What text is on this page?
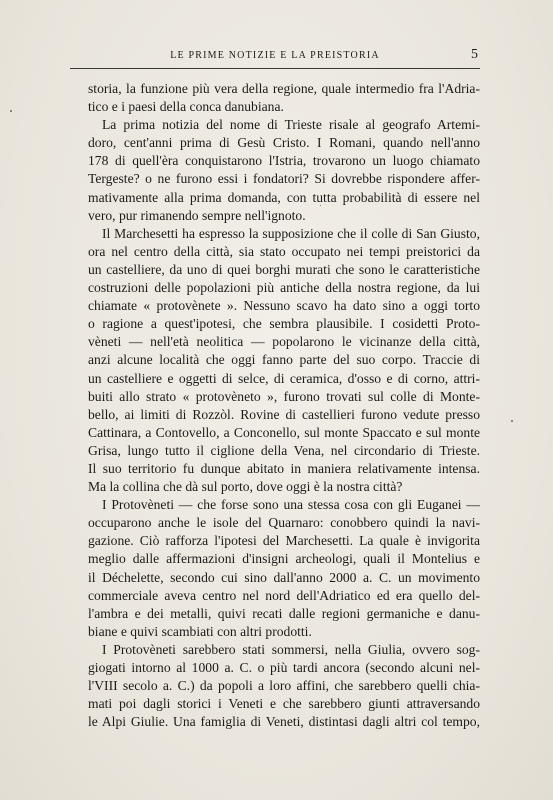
LE PRIME NOTIZIE E LA PREISTORIA	5
storia, la funzione più vera della regione, quale intermedio fra l'Adria-
tico e i paesi della conca danubiana.
La prima notizia del nome di Trieste risale al geografo Artemi-
doro, cent'anni prima di Gesù Cristo. I Romani, quando nell'anno
178 di quell'èra conquistarono l'Istria, trovarono un luogo chiamato
Tergeste? o ne furono essi i fondatori? Si dovrebbe rispondere affer-
mativamente alla prima domanda, con tutta probabilità di essere nel
vero, pur rimanendo sempre nell'ignoto.
Il Marchesetti ha espresso la supposizione che il colle di San Giusto,
ora nel centro della città, sia stato occupato nei tempi preistorici da
un castelliere, da uno di quei borghi murati che sono le caratteristiche
costruzioni delle popolazioni più antiche della nostra regione, da lui
chiamate « protovènete ». Nessuno scavo ha dato sino a oggi torto
o ragione a quest'ipotesi, che sembra plausibile. I cosidetti Proto-
vèneti — nell'età neolitica — popolarono le vicinanze della città,
anzi alcune località che oggi fanno parte del suo corpo. Traccie di
un castelliere e oggetti di selce, di ceramica, d'osso e di corno, attri-
buiti allo strato « protovèneto », furono trovati sul colle di Monte-
bello, ai limiti di Rozzòl. Rovine di castellieri furono vedute presso
Cattinara, a Contovello, a Conconello, sul monte Spaccato e sul monte
Grisa, lungo tutto il ciglione della Vena, nel circondario di Trieste.
Il suo territorio fu dunque abitato in maniera relativamente intensa.
Ma la collina che dà sul porto, dove oggi è la nostra città?
I Protovèneti — che forse sono una stessa cosa con gli Euganei —
occuparono anche le isole del Quarnaro: conobbero quindi la navi-
gazione. Ciò rafforza l'ipotesi del Marchesetti. La quale è invigorita
meglio dalle affermazioni d'insigni archeologi, quali il Montelius e
il Déchelette, secondo cui sino dall'anno 2000 a. C. un movimento
commerciale aveva centro nel nord dell'Adriatico ed era quello del-
l'ambra e dei metalli, quivi recati dalle regioni germaniche e danu-
biane e quivi scambiati con altri prodotti.
I Protovèneti sarebbero stati sommersi, nella Giulia, ovvero sog-
giogati intorno al 1000 a. C. o più tardi ancora (secondo alcuni nel-
l'VIII secolo a. C.) da popoli a loro affini, che sarebbero quelli chia-
mati poi dagli storici i Veneti e che sarebbero giunti attraversando
le Alpi Giulie. Una famiglia di Veneti, distintasi dagli altri col tempo,
